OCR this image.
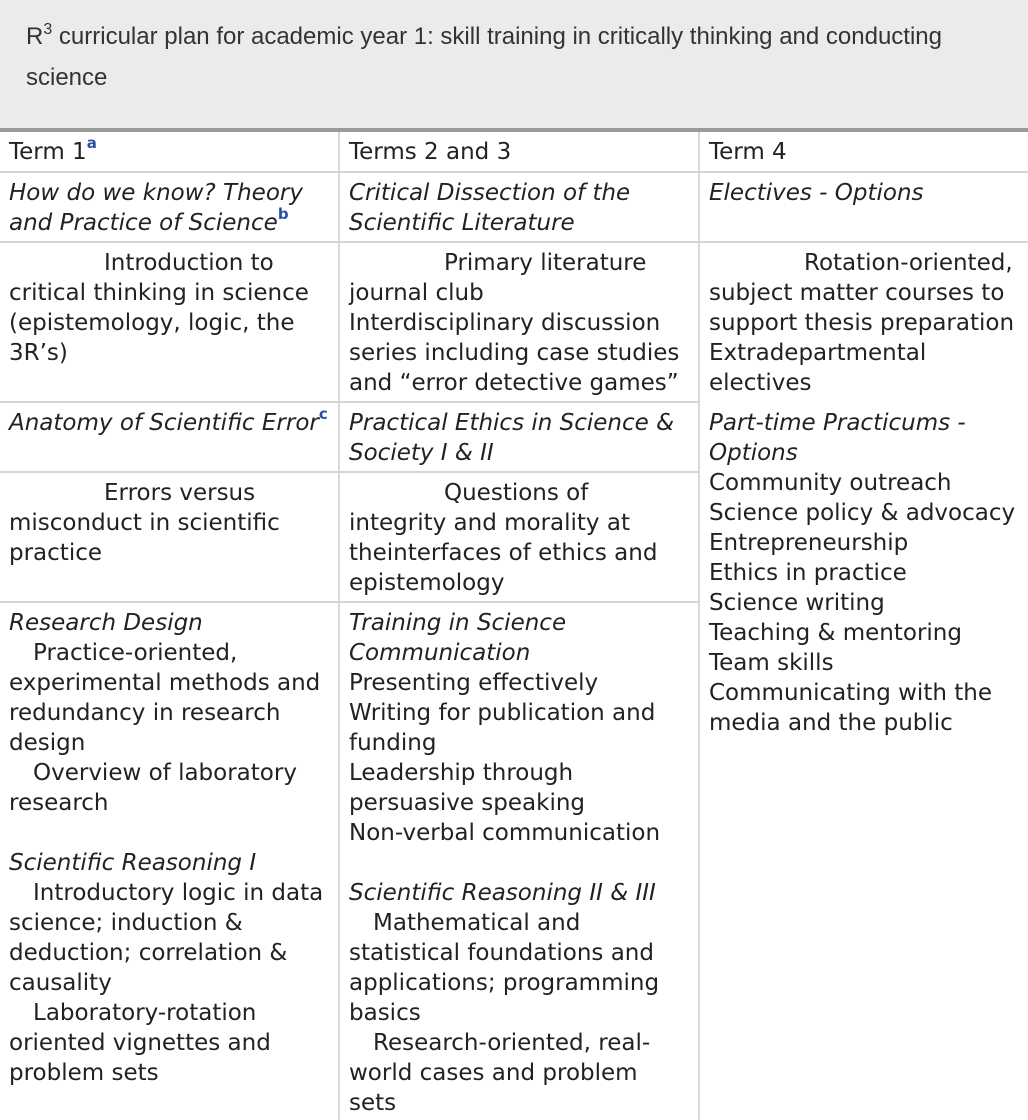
$R^3$ curricular plan for academic year 1: skill training in critically thinking and conducting
science
Term 1$^a$	Terms 2 and 3	Term 4
How do we know? Theory
and Practice of Science$^b$
Introduction to
critical thinking in science
(epistemology, logic, the
3R’s)
Anatomy of Scientific Error$^c$
Errors versus
misconduct in scientific
practice
Research Design
Practice-oriented,
experimental methods and
redundancy in research
design
Overview of laboratory
research
Scientific Reasoning I
Introductory logic in data
science; induction &
deduction; correlation &
causality
Laboratory-rotation
oriented vignettes and
problem sets
Critical Dissection of the
Scientific Literature
Primary literature
journal club
Interdisciplinary discussion
series including case studies
and “error detective games”
Practical Ethics in Science &
Society I & II
Questions of
integrity and morality at
theinterfaces of ethics and
epistemology
Training in Science
Communication
Presenting effectively
Writing for publication and
funding
Leadership through
persuasive speaking
Non-verbal communication
Scientific Reasoning II & III
Mathematical and
statistical foundations and
applications; programming
basics
Research-oriented, real-
world cases and problem
sets
Electives - Options
Rotation-oriented,
subject matter courses to
support thesis preparation
Extradepartmental
electives
Part-time Practicums -
Options
Community outreach
Science policy & advocacy
Entrepreneurship
Ethics in practice
Science writing
Teaching & mentoring
Team skills
Communicating with the
media and the public
